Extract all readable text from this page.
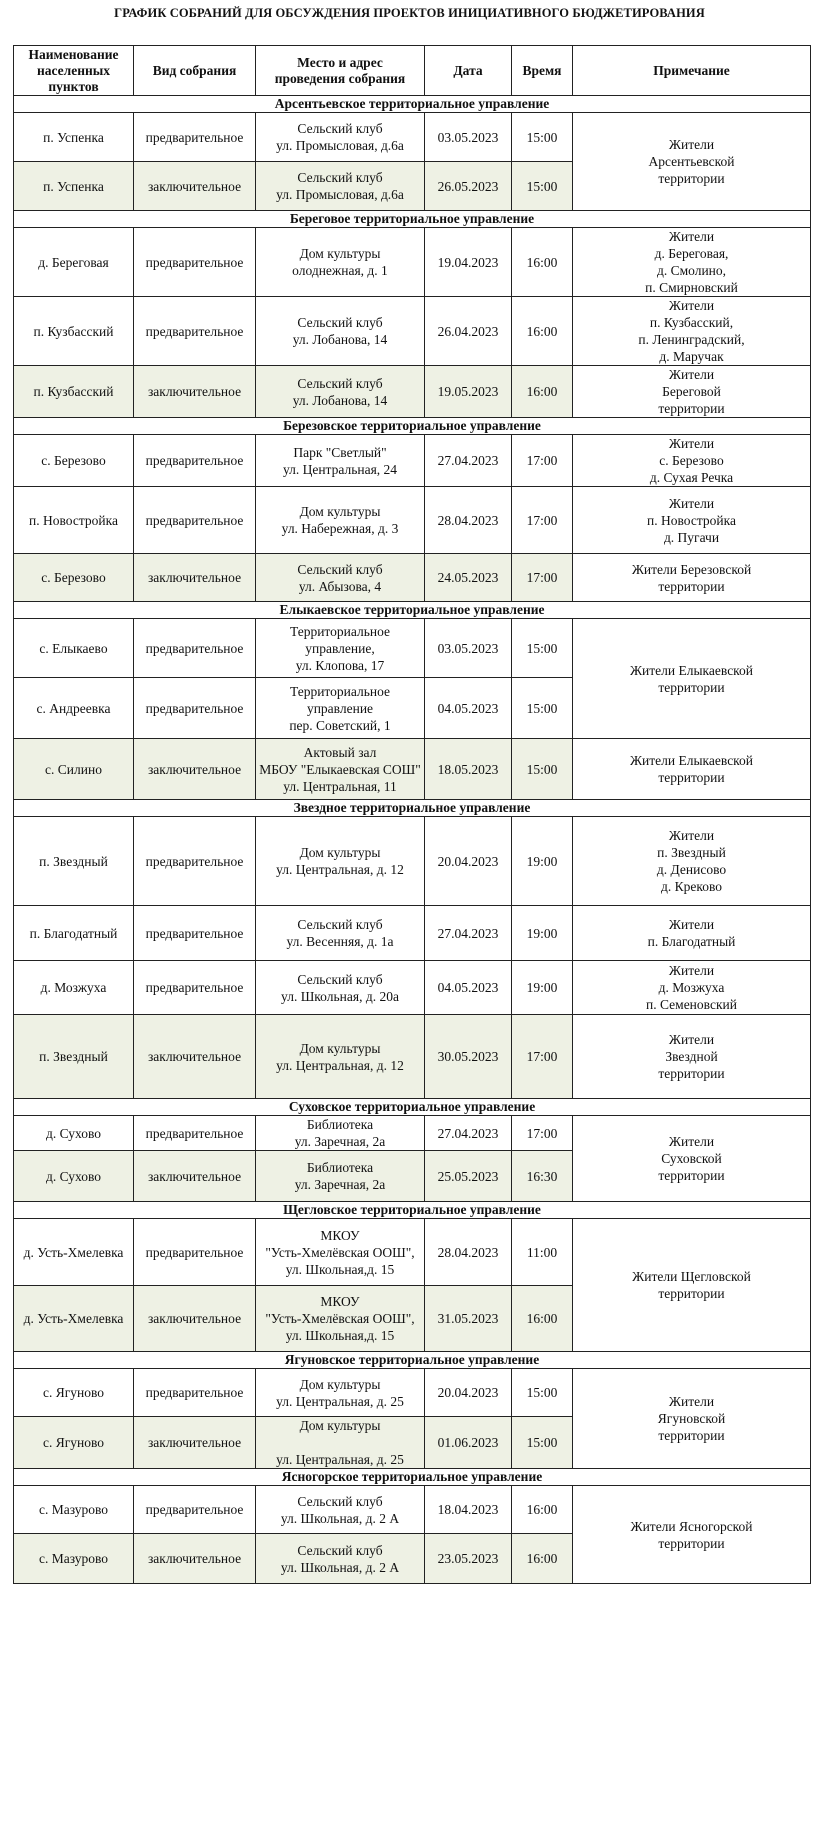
ГРАФИК СОБРАНИЙ ДЛЯ ОБСУЖДЕНИЯ ПРОЕКТОВ ИНИЦИАТИВНОГО БЮДЖЕТИРОВАНИЯ
Наименование
населенных
пунктов	Вид собрания	Место и адрес
проведения собрания	Дата	Время	Примечание

Арсентьевское территориальное управление					

п. Успенка	предварительное	Сельский клуб
ул. Промысловая, д.6а	03.05.2023	15:00	Жители
Арсентьевской
территории

п. Успенка	заключительное	Сельский клуб
ул. Промысловая, д.6а	26.05.2023	15:00	
Береговое территориальное управление					

д. Береговая	предварительное	Дом культуры
олоднежная, д. 1	19.04.2023	16:00	Жители
д. Береговая,
д. Смолино,
п. Смирновский

п. Кузбасский	предварительное	Сельский клуб
ул. Лобанова, 14	26.04.2023	16:00	Жители
п. Кузбасский,
п. Ленинградский,
д. Маручак

п. Кузбасский	заключительное	Сельский клуб
ул. Лобанова, 14	19.05.2023	16:00	Жители
Береговой
территории

Березовское территориальное управление					

с. Березово	предварительное	Парк "Светлый"
ул. Центральная, 24	27.04.2023	17:00	Жители
с. Березово
д. Сухая Речка

п. Новостройка	предварительное	Дом культуры
ул. Набережная, д. 3	28.04.2023	17:00	Жители
п. Новостройка
д. Пугачи

с. Березово	заключительное	Сельский клуб
ул. Абызова, 4	24.05.2023	17:00	Жители Березовской
территории

Елыкаевское территориальное управление					

с. Елыкаево	предварительное	Территориальное управление,
ул. Клопова, 17	03.05.2023	15:00	Жители Елыкаевской
территории

с. Андреевка	предварительное	Территориальное управление
пер. Советский, 1	04.05.2023	15:00	

с. Силино	заключительное	Актовый зал
МБОУ "Елыкаевская СОШ"
ул. Центральная, 11	18.05.2023	15:00	Жители Елыкаевской
территории

Звездное территориальное управление					

п. Звездный	предварительное	Дом культуры
ул. Центральная, д. 12	20.04.2023	19:00	Жители
п. Звездный
д. Денисово
д. Креково

п. Благодатный	предварительное	Сельский клуб
ул. Весенняя, д. 1а	27.04.2023	19:00	Жители
п. Благодатный

д. Мозжуха	предварительное	Сельский клуб
ул. Школьная, д. 20а	04.05.2023	19:00	Жители
д. Мозжуха
п. Семеновский

п. Звездный	заключительное	Дом культуры
ул. Центральная, д. 12	30.05.2023	17:00	Жители
Звездной
территории

Суховское территориальное управление					

д. Сухово	предварительное	Библиотека
ул. Заречная, 2а	27.04.2023	17:00	Жители
Суховской
территории

д. Сухово	заключительное	Библиотека
ул. Заречная, 2а	25.05.2023	16:30	
Щегловское территориальное управление					

д. Усть-Хмелевка	предварительное	МКОУ
"Усть-Хмелёвская ООШ",
ул. Школьная,д. 15	28.04.2023	11:00	Жители Щегловской
территории

д. Усть-Хмелевка	заключительное	МКОУ
"Усть-Хмелёвская ООШ",
ул. Школьная,д. 15	31.05.2023	16:00	
Ягуновское территориальное управление					

с. Ягуново	предварительное	Дом культуры
ул. Центральная, д. 25	20.04.2023	15:00	Жители
Ягуновской
территории

с. Ягуново	заключительное	Дом культуры

ул. Центральная, д. 25	01.06.2023	15:00	
Ясногорское территориальное управление					

с. Мазурово	предварительное	Сельский клуб
ул. Школьная, д. 2 А	18.04.2023	16:00	Жители Ясногорской
территории

с. Мазурово	заключительное	Сельский клуб
ул. Школьная, д. 2 А	23.05.2023	16:00	
